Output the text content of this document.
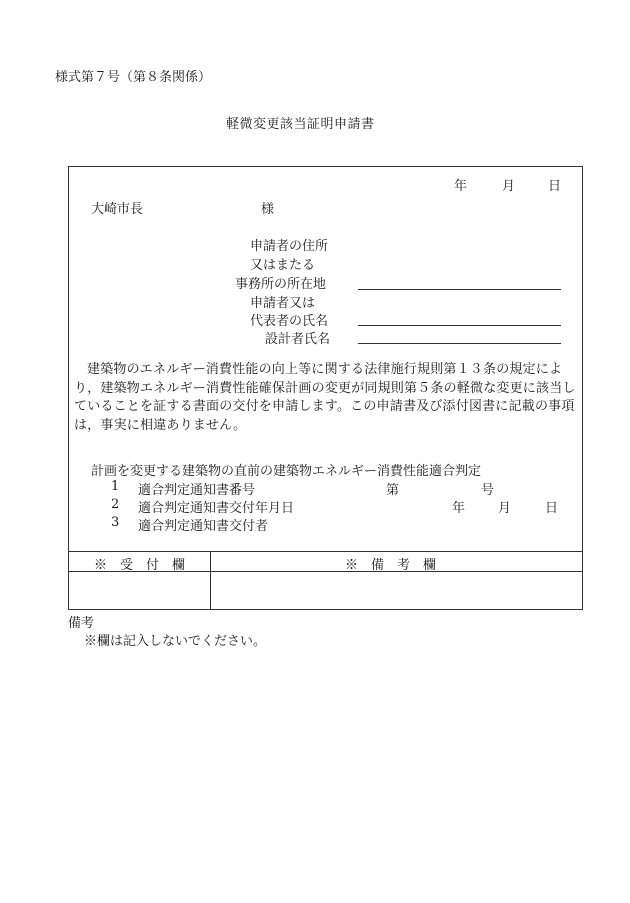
様式第７号（第８条関係）
軽微変更該当証明申請書
年	月	日
大崎市長	様
申請者の住所
又はまたる
事務所の所在地
申請者又は
代表者の氏名
設計者氏名
建築物のエネルギー消費性能の向上等に関する法律施行規則第１３条の規定により，建築物エネルギー消費性能確保計画の変更が同規則第５条の軽微な変更に該当していることを証する書面の交付を申請します。この申請書及び添付図書に記載の事項は，事実に相違ありません。
計画を変更する建築物の直前の建築物エネルギー消費性能適合判定
1 適合判定通知書番号	第	号
2 適合判定通知書交付年月日	年	月	日
3 適合判定通知書交付者
※　受　付　欄	※　備　考　欄
備考
※欄は記入しないでください。
